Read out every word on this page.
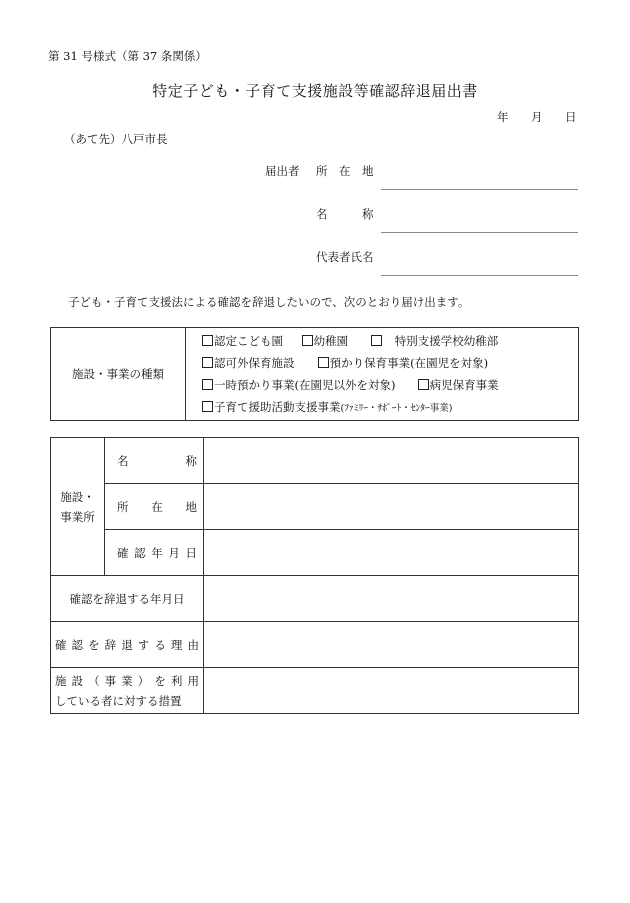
第 31 号様式（第 37 条関係）
特定子ども・子育て支援施設等確認辞退届出書
年 月 日
（あて先）八戸市長
届出者 所　在　地
名　　　称
代表者氏名
子ども・子育て支援法による確認を辞退したいので、次のとおり届け出ます。
施設・事業の種類	
認定こども園	幼稚園	　特別支援学校幼稚部
認可外保育施設	預かり保育事業(在園児を対象)
一時預かり事業(在園児以外を対象)	病児保育事業
子育て援助活動支援事業(ﾌｧﾐﾘｰ・ｻﾎﾟｰﾄ・ｾﾝﾀｰ事業)
施設・
事業所	名　称	
	所在地	
	確認年月日	
確認を辞退する年月日		

確認を辞退する理由		

施設（事業）を利用
している者に対する措置		
